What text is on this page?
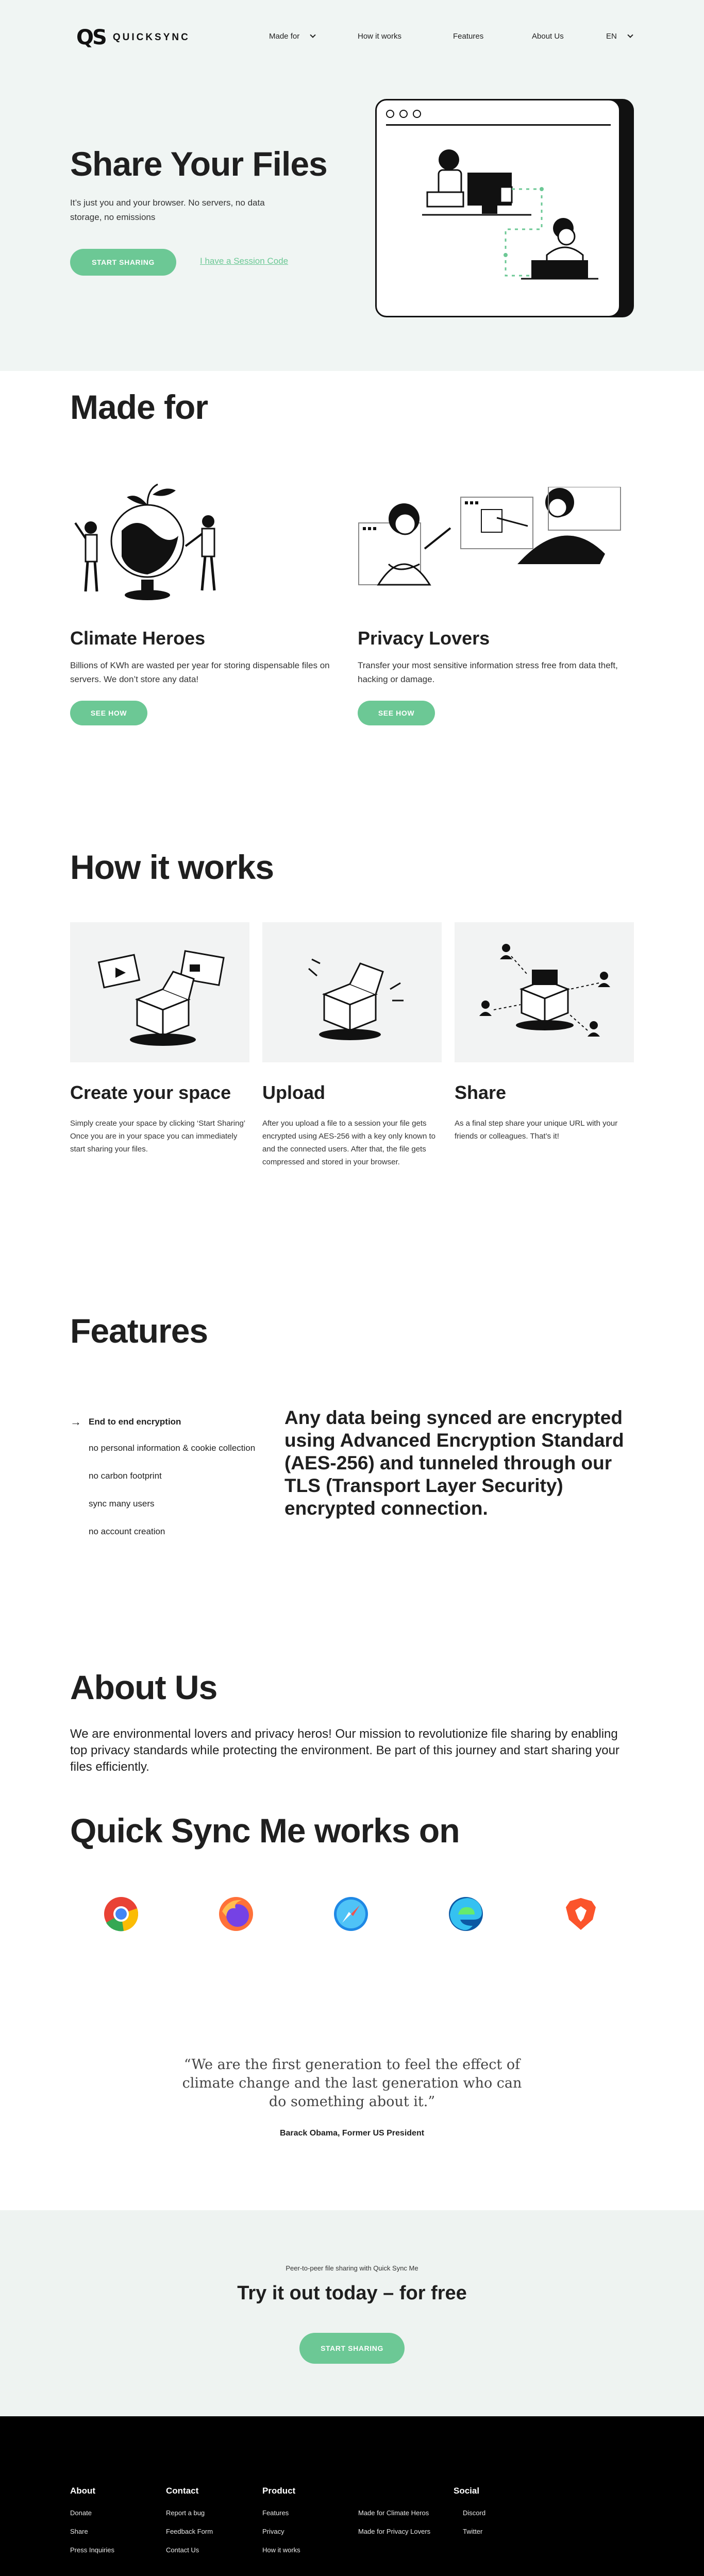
QS QUICKSYNC	Made for	How it works	Features	About Us	EN
Share Your Files

It’s just you and your browser. No servers, no data storage, no emissions

START SHARING	I have a Session Code
Made for
Climate Heroes

Billions of KWh are wasted per year for storing dispensable files on servers. We don’t store any data!

SEE HOW
Privacy Lovers

Transfer your most sensitive information stress free from data theft, hacking or damage.

SEE HOW
How it works
Create your space

Simply create your space by clicking ‘Start Sharing’ Once you are in your space you can immediately start sharing your files.

Upload

After you upload a file to a session your file gets encrypted using AES-256 with a key only known to and the connected users. After that, the file gets compressed and stored in your browser.

Share

As a final step share your unique URL with your friends or colleagues. That’s it!

Features
→ End to end encryption
no personal information & cookie collection
no carbon footprint
sync many users
no account creation

Any data being synced are encrypted using Advanced Encryption Standard (AES-256) and tunneled through our TLS (Transport Layer Security) encrypted connection.

About Us

We are environmental lovers and privacy heros! Our mission to revolutionize file sharing by enabling top privacy standards while protecting the environment. Be part of this journey and start sharing your files efficiently.

Quick Sync Me works on

“We are the first generation to feel the effect of climate change and the last generation who can do something about it.”

Barack Obama, Former US President

Peer-to-peer file sharing with Quick Sync Me

Try it out today – for free
START SHARING
About
Donate
Share
Press Inquiries
Contact
Report a bug
Feedback Form
Contact Us
Product
Features
Privacy
How it works
Made for Climate Heros
Made for Privacy Lovers
Social
Discord
Twitter
